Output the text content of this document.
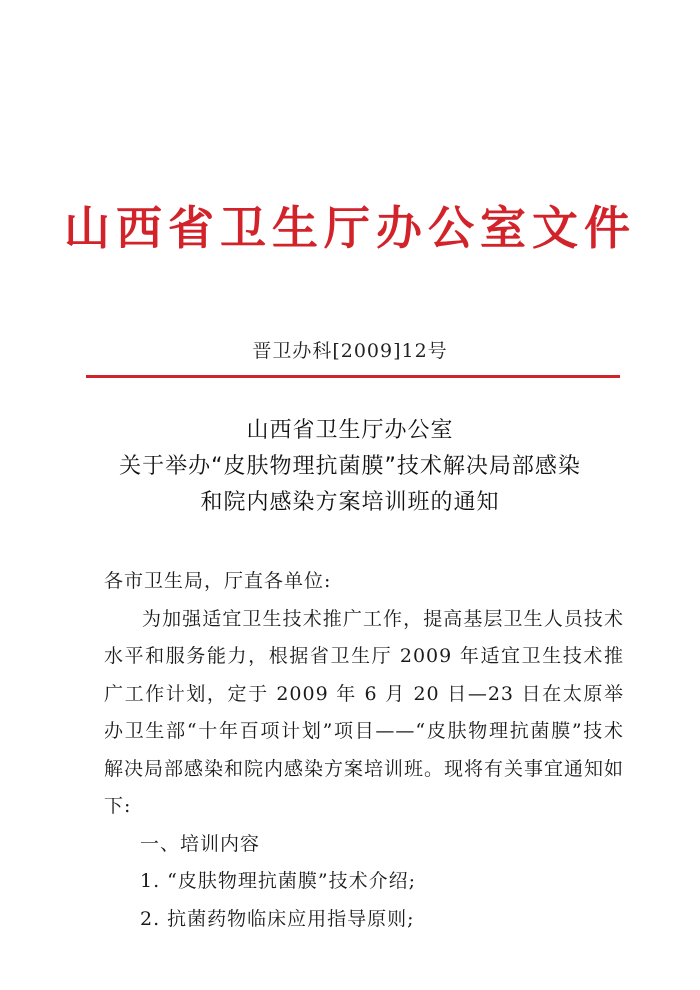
山西省卫生厅办公室文件
晋卫办科[2009]12号
山西省卫生厅办公室
关于举办“皮肤物理抗菌膜”技术解决局部感染
和院内感染方案培训班的通知

各市卫生局，厅直各单位:

为加强适宜卫生技术推广工作，提高基层卫生人员技术水平和服务能力，根据省卫生厅 2009 年适宜卫生技术推广工作计划，定于 2009 年 6 月 20 日—23 日在太原举办卫生部“十年百项计划”项目——“皮肤物理抗菌膜”技术解决局部感染和院内感染方案培训班。现将有关事宜通知如下:

一、培训内容

1. “皮肤物理抗菌膜”技术介绍;

2. 抗菌药物临床应用指导原则;
